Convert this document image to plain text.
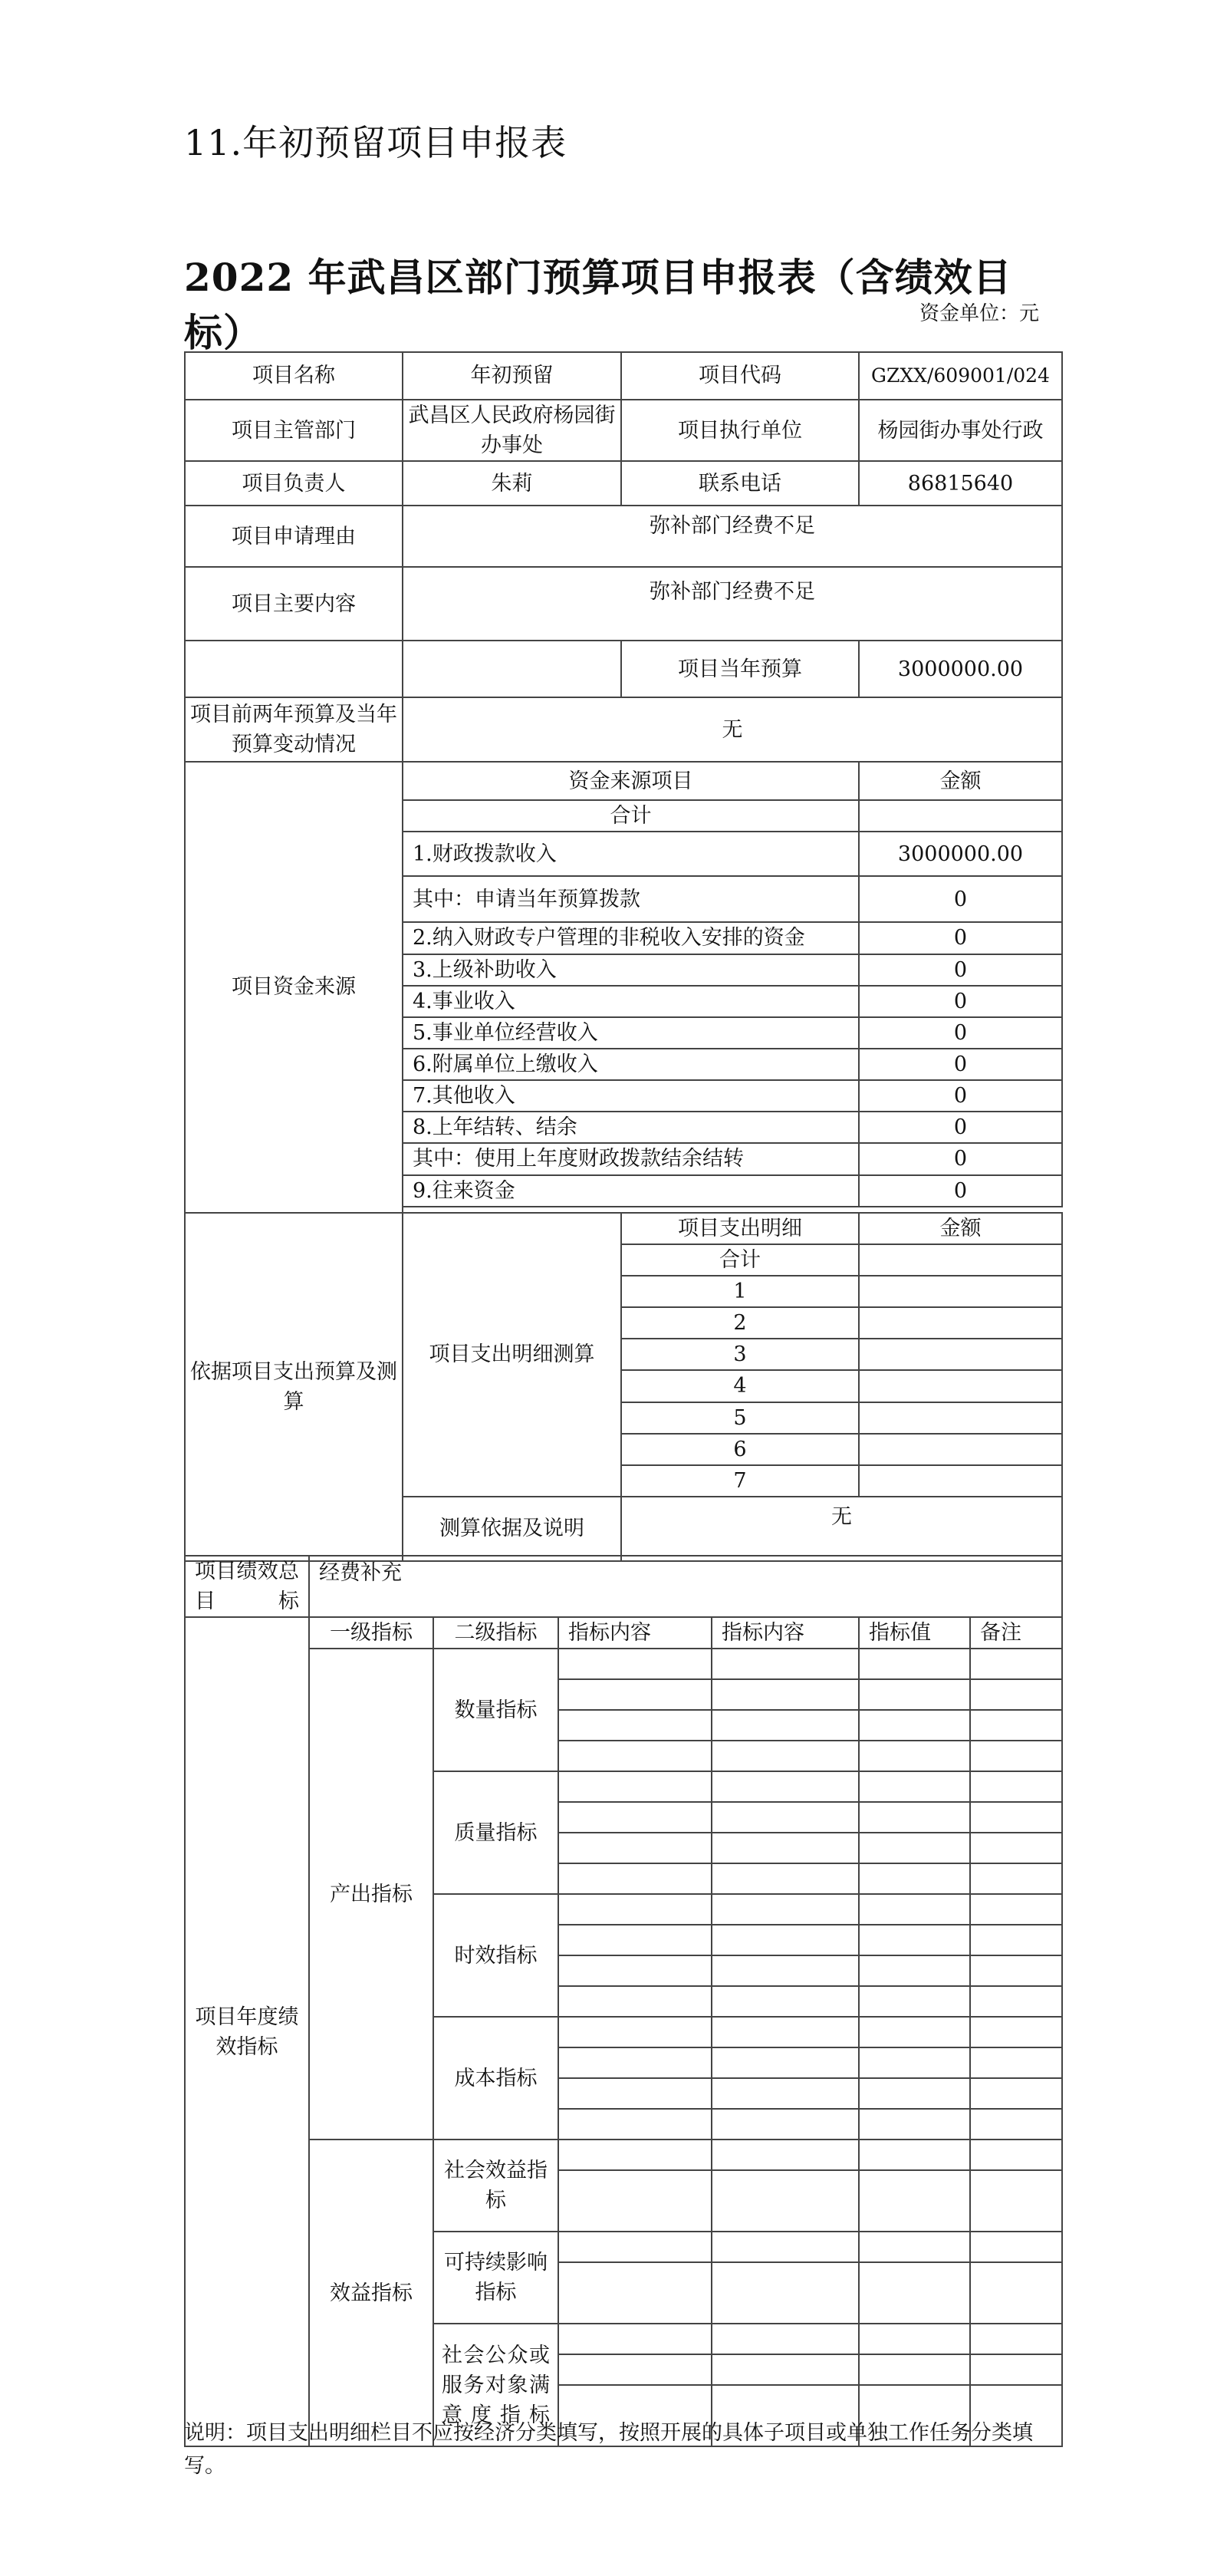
11.年初预留项目申报表
2022 年武昌区部门预算项目申报表（含绩效目标）	资金单位：元
项目名称	年初预留	项目代码	GZXX/609001/024
项目主管部门	武昌区人民政府杨园街办事处	项目执行单位	杨园街办事处行政
项目负责人	朱莉	联系电话	86815640
项目申请理由	弥补部门经费不足		
项目主要内容	弥补部门经费不足		
		项目当年预算	3000000.00
项目前两年预算及当年预算变动情况	无		
项目资金来源	资金来源项目		金额
	合计		
	1.财政拨款收入		3000000.00
	其中：申请当年预算拨款		0
	2.纳入财政专户管理的非税收入安排的资金		0
	3.上级补助收入		0
	4.事业收入		0
	5.事业单位经营收入		0
	6.附属单位上缴收入		0
	7.其他收入		0
	8.上年结转、结余		0
	其中：使用上年度财政拨款结余结转		0
	9.往来资金		0

依据项目支出预算及测算	项目支出明细测算	项目支出明细	金额
		合计	
		1	
		2	
		3	
		4	
		5	
		6	
		7	
	测算依据及说明	无	
项目绩效总目标	经费补充					
项目年度绩效指标	一级指标	二级指标	指标内容	指标内容	指标值	备注
	产出指标	数量指标				

		质量指标				

		时效指标				

		成本指标				

	效益指标	社会效益指标				

		可持续影响指标				

		社会公众或服务对象满意度指标				

说明：项目支出明细栏目不应按经济分类填写，按照开展的具体子项目或单独工作任务分类填写。
